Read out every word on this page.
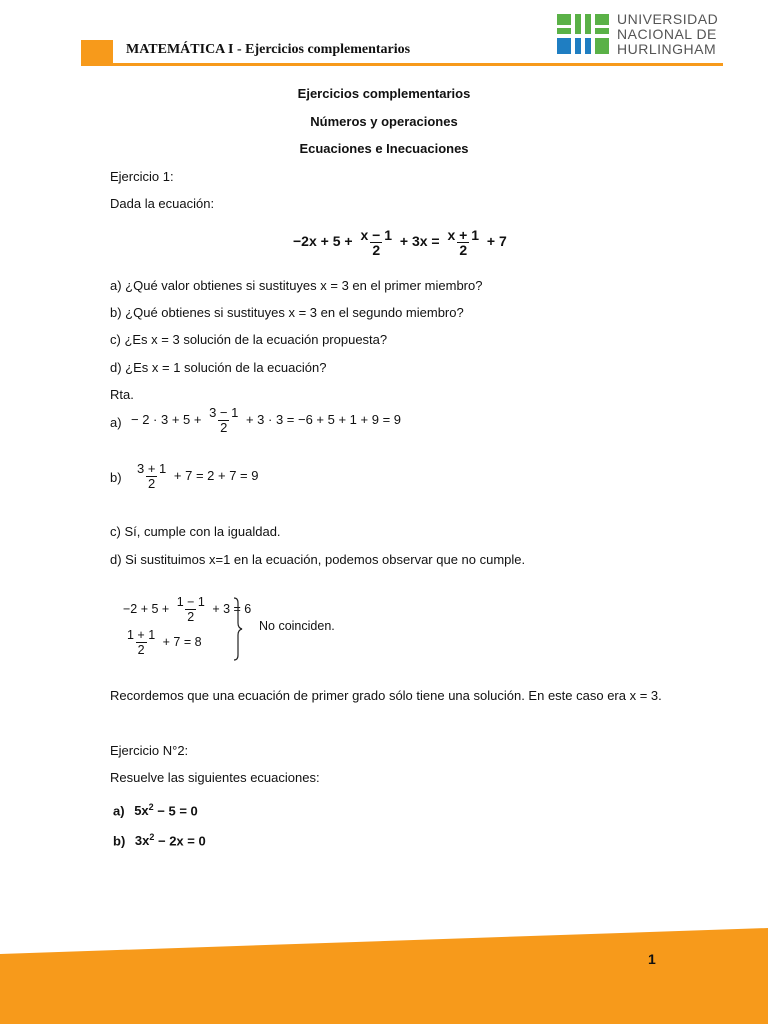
MATEMÁTICA I - Ejercicios complementarios
UNIVERSIDAD
NACIONAL DE
HURLINGHAM
Ejercicios complementarios
Números y operaciones
Ecuaciones e Inecuaciones
Ejercicio 1:
Dada la ecuación:
$-2x + 5 + \frac{x - 1}{2} + 3x = \frac{x + 1}{2} + 7$
a) ¿Qué valor obtienes si sustituyes x = 3 en el primer miembro?
b) ¿Qué obtienes si sustituyes x = 3 en el segundo miembro?
c) ¿Es x = 3 solución de la ecuación propuesta?
d) ¿Es x = 1 solución de la ecuación?
Rta.
$a) - 2 \cdot 3 + 5 + \frac{3 - 1}{2} + 3 \cdot 3 = -6 + 5 + 1 + 9 = 9$
$b) \frac{3 + 1}{2} + 7 = 2 + 7 = 9$
c) Sí, cumple con la igualdad.
d) Si sustituimos x=1 en la ecuación, podemos observar que no cumple.
$-2 + 5 + \frac{1 - 1}{2} + 3 = 6$
$\frac{1 + 1}{2} + 7 = 8$
No coinciden.
Recordemos que una ecuación de primer grado sólo tiene una solución. En este caso era x = 3.
Ejercicio N°2:
Resuelve las siguientes ecuaciones:
a) $5x^2 - 5 = 0$
b) $3x^2 - 2x = 0$
1
